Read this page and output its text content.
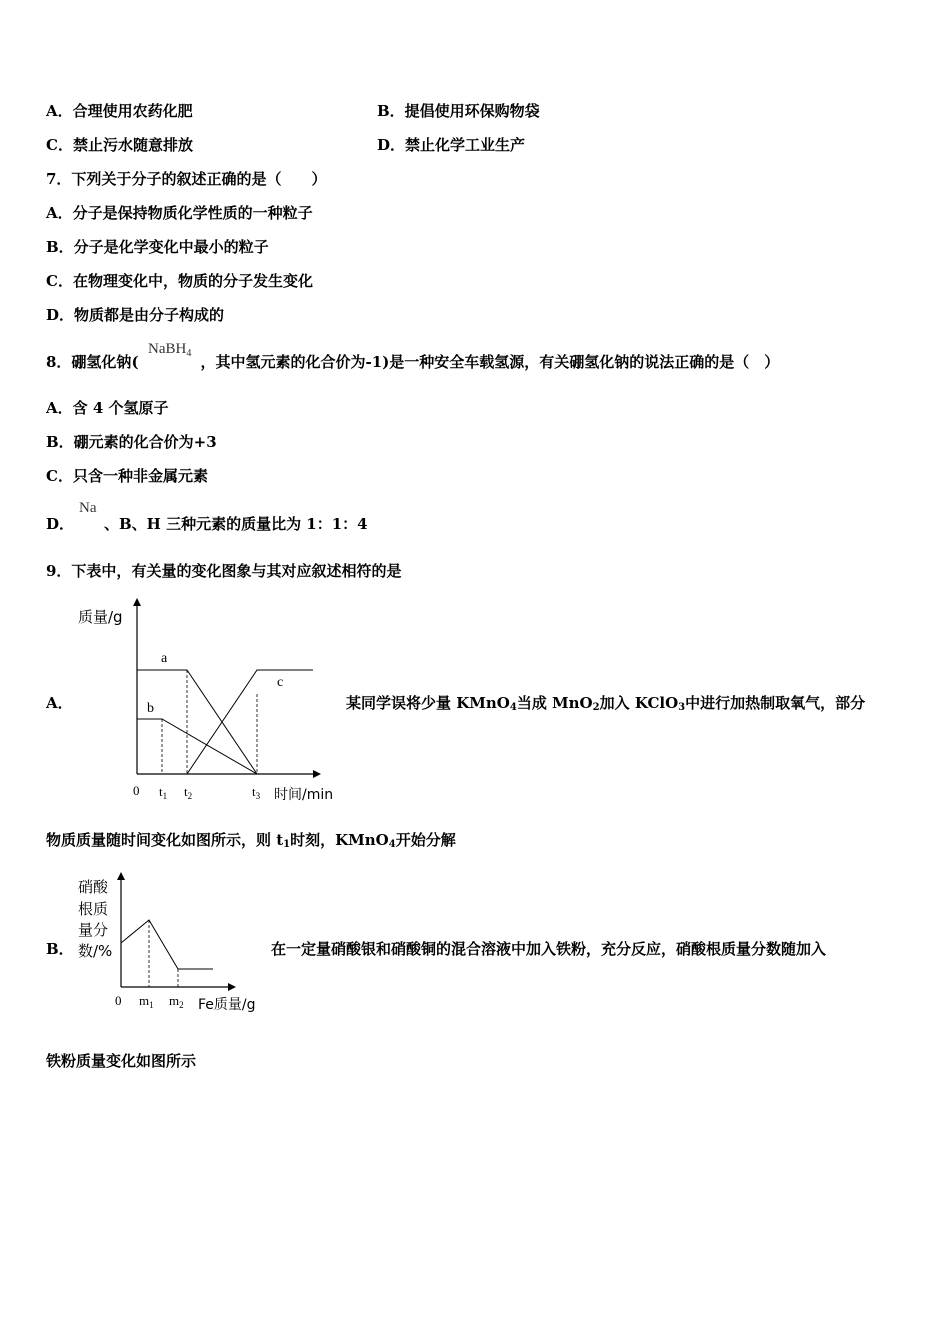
A．合理使用农药化肥	B．提倡使用环保购物袋
C．禁止污水随意排放	D．禁止化学工业生产
7．下列关于分子的叙述正确的是（　　）
A．分子是保持物质化学性质的一种粒子
B．分子是化学变化中最小的粒子
C．在物理变化中，物质的分子发生变化
D．物质都是由分子构成的
8．硼氢化钠(	，其中氢元素的化合价为-1)是一种安全车载氢源，有关硼氢化钠的说法正确的是（　）
NaBH$_4$
A．含 4 个氢原子
B．硼元素的化合价为+3
C．只含一种非金属元素
D．
Na
、B、H 三种元素的质量比为 1：1：4
9．下表中，有关量的变化图象与其对应叙述相符的是
A．
a
b
c
质量/g
0 $t_1$ $t_2$	$t_3$ 时间/min
某同学误将少量 KMnO$_4$当成 MnO$_2$加入 KClO$_3$中进行加热制取氧气，部分
物质质量随时间变化如图所示，则 $t_1$时刻，KMnO$_4$开始分解
B．
硝酸
根质
量分
数/%
0 $m_1$ $m_2$ Fe质量/g
在一定量硝酸银和硝酸铜的混合溶液中加入铁粉，充分反应，硝酸根质量分数随加入
铁粉质量变化如图所示
